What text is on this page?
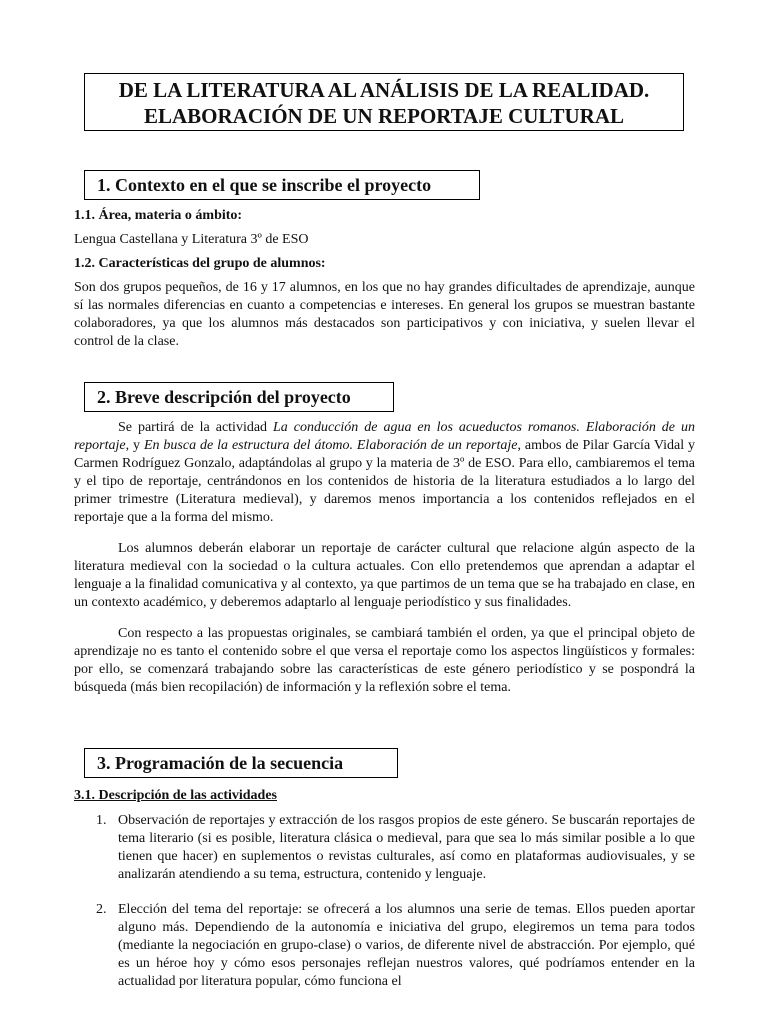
DE LA LITERATURA AL ANÁLISIS DE LA REALIDAD.
ELABORACIÓN DE UN REPORTAJE CULTURAL
1. Contexto en el que se inscribe el proyecto
1.1. Área, materia o ámbito:
Lengua Castellana y Literatura 3º de ESO
1.2. Características del grupo de alumnos:
Son dos grupos pequeños, de 16 y 17 alumnos, en los que no hay grandes dificultades de aprendizaje, aunque sí las normales diferencias en cuanto a competencias e intereses. En general los grupos se muestran bastante colaboradores, ya que los alumnos más destacados son participativos y con iniciativa, y suelen llevar el control de la clase.
2. Breve descripción del proyecto

Se partirá de la actividad La conducción de agua en los acueductos romanos. Elaboración de un reportaje, y En busca de la estructura del átomo. Elaboración de un reportaje, ambos de Pilar García Vidal y Carmen Rodríguez Gonzalo, adaptándolas al grupo y la materia de 3º de ESO. Para ello, cambiaremos el tema y el tipo de reportaje, centrándonos en los contenidos de historia de la literatura estudiados a lo largo del primer trimestre (Literatura medieval), y daremos menos importancia a los contenidos reflejados en el reportaje que a la forma del mismo.

Los alumnos deberán elaborar un reportaje de carácter cultural que relacione algún aspecto de la literatura medieval con la sociedad o la cultura actuales. Con ello pretendemos que aprendan a adaptar el lenguaje a la finalidad comunicativa y al contexto, ya que partimos de un tema que se ha trabajado en clase, en un contexto académico, y deberemos adaptarlo al lenguaje periodístico y sus finalidades.

Con respecto a las propuestas originales, se cambiará también el orden, ya que el principal objeto de aprendizaje no es tanto el contenido sobre el que versa el reportaje como los aspectos lingüísticos y formales: por ello, se comenzará trabajando sobre las características de este género periodístico y se pospondrá la búsqueda (más bien recopilación) de información y la reflexión sobre el tema.

3. Programación de la secuencia
3.1. Descripción de las actividades
1. Observación de reportajes y extracción de los rasgos propios de este género. Se buscarán reportajes de tema literario (si es posible, literatura clásica o medieval, para que sea lo más similar posible a lo que tienen que hacer) en suplementos o revistas culturales, así como en plataformas audiovisuales, y se analizarán atendiendo a su tema, estructura, contenido y lenguaje.
2. Elección del tema del reportaje: se ofrecerá a los alumnos una serie de temas. Ellos pueden aportar alguno más. Dependiendo de la autonomía e iniciativa del grupo, elegiremos un tema para todos (mediante la negociación en grupo-clase) o varios, de diferente nivel de abstracción. Por ejemplo, qué es un héroe hoy y cómo esos personajes reflejan nuestros valores, qué podríamos entender en la actualidad por literatura popular, cómo funciona el
